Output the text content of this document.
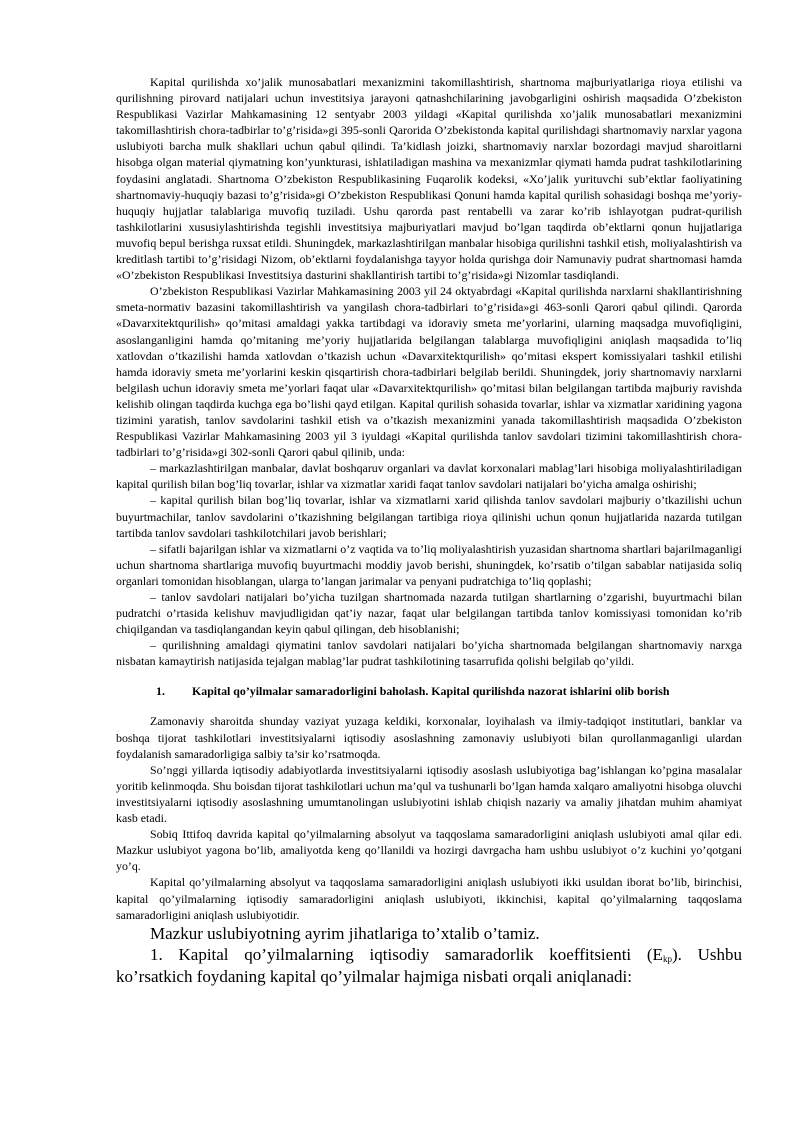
Kapital qurilishda xo’jalik munosabatlari mexanizmini takomillashtirish, shartnoma majburiyatlariga rioya etilishi va qurilishning pirovard natijalari uchun investitsiya jarayoni qatnashchilarining javobgarligini oshirish maqsadida O’zbekiston Respublikasi Vazirlar Mahkamasining 12 sentyabr 2003 yildagi «Kapital qurilishda xo’jalik munosabatlari mexanizmini takomillashtirish chora-tadbirlar to’g’risida»gi 395-sonli Qarorida O’zbekistonda kapital qurilishdagi shartnomaviy narxlar yagona uslubiyoti barcha mulk shakllari uchun qabul qilindi. Ta’kidlash joizki, shartnomaviy narxlar bozordagi mavjud sharoitlarni hisobga olgan material qiymatning kon’yunkturasi, ishlatiladigan mashina va mexanizmlar qiymati hamda pudrat tashkilotlarining foydasini anglatadi. Shartnoma O’zbekiston Respublikasining Fuqarolik kodeksi, «Xo’jalik yurituvchi sub’ektlar faoliyatining shartnomaviy-huquqiy bazasi to’g’risida»gi O’zbekiston Respublikasi Qonuni hamda kapital qurilish sohasidagi boshqa me’yoriy-huquqiy hujjatlar talablariga muvofiq tuziladi. Ushu qarorda past rentabelli va zarar ko’rib ishlayotgan pudrat-qurilish tashkilotlarini xususiylashtirishda tegishli investitsiya majburiyatlari mavjud bo’lgan taqdirda ob’ektlarni qonun hujjatlariga muvofiq bepul berishga ruxsat etildi. Shuningdek, markazlashtirilgan manbalar hisobiga qurilishni tashkil etish, moliyalashtirish va kreditlash tartibi to’g’risidagi Nizom, ob’ektlarni foydalanishga tayyor holda qurishga doir Namunaviy pudrat shartnomasi hamda «O’zbekiston Respublikasi Investitsiya dasturini shakllantirish tartibi to’g’risida»gi Nizomlar tasdiqlandi.

O’zbekiston Respublikasi Vazirlar Mahkamasining 2003 yil 24 oktyabrdagi «Kapital qurilishda narxlarni shakllantirishning smeta-normativ bazasini takomillashtirish va yangilash chora-tadbirlari to’g’risida»gi 463-sonli Qarori qabul qilindi. Qarorda «Davarxitektqurilish» qo’mitasi amaldagi yakka tartibdagi va idoraviy smeta me’yorlarini, ularning maqsadga muvofiqligini, asoslanganligini hamda qo’mitaning me’yoriy hujjatlarida belgilangan talablarga muvofiqligini aniqlash maqsadida to’liq xatlovdan o’tkazilishi hamda xatlovdan o’tkazish uchun «Davarxitektqurilish» qo’mitasi ekspert komissiyalari tashkil etilishi hamda idoraviy smeta me’yorlarini keskin qisqartirish chora-tadbirlari belgilab berildi. Shuningdek, joriy shartnomaviy narxlarni belgilash uchun idoraviy smeta me’yorlari faqat ular «Davarxitektqurilish» qo’mitasi bilan belgilangan tartibda majburiy ravishda kelishib olingan taqdirda kuchga ega bo’lishi qayd etilgan. Kapital qurilish sohasida tovarlar, ishlar va xizmatlar xaridining yagona tizimini yaratish, tanlov savdolarini tashkil etish va o’tkazish mexanizmini yanada takomillashtirish maqsadida O’zbekiston Respublikasi Vazirlar Mahkamasining 2003 yil 3 iyuldagi «Kapital qurilishda tanlov savdolari tizimini takomillashtirish chora-tadbirlari to’g’risida»gi 302-sonli Qarori qabul qilinib, unda:

– markazlashtirilgan manbalar, davlat boshqaruv organlari va davlat korxonalari mablag’lari hisobiga moliyalashtiriladigan kapital qurilish bilan bog’liq tovarlar, ishlar va xizmatlar xaridi faqat tanlov savdolari natijalari bo’yicha amalga oshirishi;

– kapital qurilish bilan bog’liq tovarlar, ishlar va xizmatlarni xarid qilishda tanlov savdolari majburiy o’tkazilishi uchun buyurtmachilar, tanlov savdolarini o’tkazishning belgilangan tartibiga rioya qilinishi uchun qonun hujjatlarida nazarda tutilgan tartibda tanlov savdolari tashkilotchilari javob berishlari;

– sifatli bajarilgan ishlar va xizmatlarni o’z vaqtida va to’liq moliyalashtirish yuzasidan shartnoma shartlari bajarilmaganligi uchun shartnoma shartlariga muvofiq buyurtmachi moddiy javob berishi, shuningdek, ko’rsatib o’tilgan sabablar natijasida soliq organlari tomonidan hisoblangan, ularga to’langan jarimalar va penyani pudratchiga to’liq qoplashi;

– tanlov savdolari natijalari bo’yicha tuzilgan shartnomada nazarda tutilgan shartlarning o’zgarishi, buyurtmachi bilan pudratchi o’rtasida kelishuv mavjudligidan qat’iy nazar, faqat ular belgilangan tartibda tanlov komissiyasi tomonidan ko’rib chiqilgandan va tasdiqlangandan keyin qabul qilingan, deb hisoblanishi;

– qurilishning amaldagi qiymatini tanlov savdolari natijalari bo’yicha shartnomada belgilangan shartnomaviy narxga nisbatan kamaytirish natijasida tejalgan mablag’lar pudrat tashkilotining tasarrufida qolishi belgilab qo’yildi.

1. Kapital qo’yilmalar samaradorligini baholash. Kapital qurilishda nazorat ishlarini olib borish

Zamonaviy sharoitda shunday vaziyat yuzaga keldiki, korxonalar, loyihalash va ilmiy-tadqiqot institutlari, banklar va boshqa tijorat tashkilotlari investitsiyalarni iqtisodiy asoslashning zamonaviy uslubiyoti bilan qurollanmaganligi ulardan foydalanish samaradorligiga salbiy ta’sir ko’rsatmoqda.

So’nggi yillarda iqtisodiy adabiyotlarda investitsiyalarni iqtisodiy asoslash uslubiyotiga bag’ishlangan ko’pgina masalalar yoritib kelinmoqda. Shu boisdan tijorat tashkilotlari uchun ma’qul va tushunarli bo’lgan hamda xalqaro amaliyotni hisobga oluvchi investitsiyalarni iqtisodiy asoslashning umumtanolingan uslubiyotini ishlab chiqish nazariy va amaliy jihatdan muhim ahamiyat kasb etadi.

Sobiq Ittifoq davrida kapital qo’yilmalarning absolyut va taqqoslama samaradorligini aniqlash uslubiyoti amal qilar edi. Mazkur uslubiyot yagona bo’lib, amaliyotda keng qo’llanildi va hozirgi davrgacha ham ushbu uslubiyot o’z kuchini yo’qotgani yo’q.

Kapital qo’yilmalarning absolyut va taqqoslama samaradorligini aniqlash uslubiyoti ikki usuldan iborat bo’lib, birinchisi, kapital qo’yilmalarning iqtisodiy samaradorligini aniqlash uslubiyoti, ikkinchisi, kapital qo’yilmalarning taqqoslama samaradorligini aniqlash uslubiyotidir.

Mazkur uslubiyotning ayrim jihatlariga to’xtalib o’tamiz.

1. Kapital qo’yilmalarning iqtisodiy samaradorlik koeffitsienti $(E_{kp})$. Ushbu ko’rsatkich foydaning kapital qo’yilmalar hajmiga nisbati orqali aniqlanadi:
